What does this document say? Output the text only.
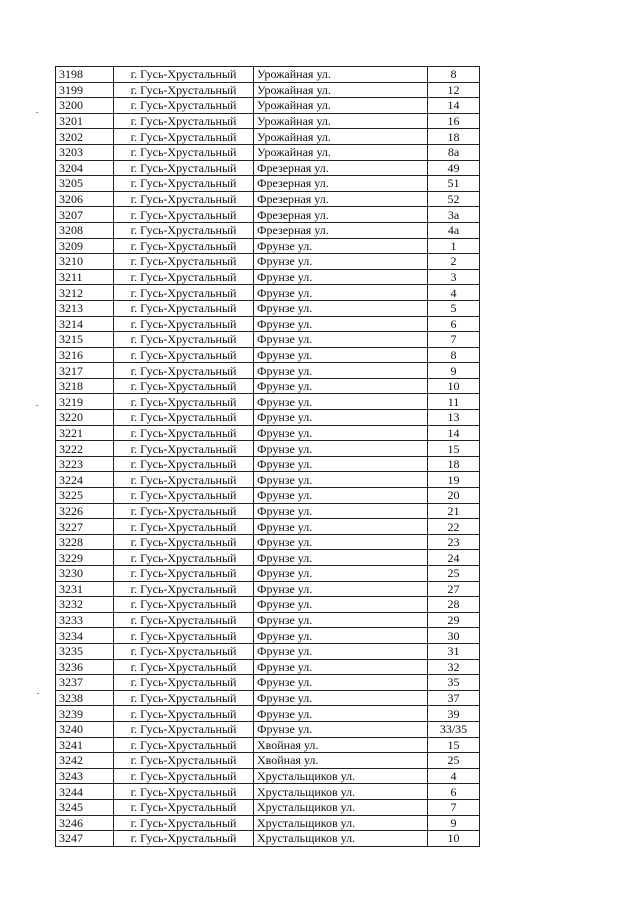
3198	г. Гусь-Хрустальный	Урожайная ул.	8
3199	г. Гусь-Хрустальный	Урожайная ул.	12
3200	г. Гусь-Хрустальный	Урожайная ул.	14
3201	г. Гусь-Хрустальный	Урожайная ул.	16
3202	г. Гусь-Хрустальный	Урожайная ул.	18
3203	г. Гусь-Хрустальный	Урожайная ул.	8а
3204	г. Гусь-Хрустальный	Фрезерная ул.	49
3205	г. Гусь-Хрустальный	Фрезерная ул.	51
3206	г. Гусь-Хрустальный	Фрезерная ул.	52
3207	г. Гусь-Хрустальный	Фрезерная ул.	3а
3208	г. Гусь-Хрустальный	Фрезерная ул.	4а
3209	г. Гусь-Хрустальный	Фрунзе ул.	1
3210	г. Гусь-Хрустальный	Фрунзе ул.	2
3211	г. Гусь-Хрустальный	Фрунзе ул.	3
3212	г. Гусь-Хрустальный	Фрунзе ул.	4
3213	г. Гусь-Хрустальный	Фрунзе ул.	5
3214	г. Гусь-Хрустальный	Фрунзе ул.	6
3215	г. Гусь-Хрустальный	Фрунзе ул.	7
3216	г. Гусь-Хрустальный	Фрунзе ул.	8
3217	г. Гусь-Хрустальный	Фрунзе ул.	9
3218	г. Гусь-Хрустальный	Фрунзе ул.	10
3219	г. Гусь-Хрустальный	Фрунзе ул.	11
3220	г. Гусь-Хрустальный	Фрунзе ул.	13
3221	г. Гусь-Хрустальный	Фрунзе ул.	14
3222	г. Гусь-Хрустальный	Фрунзе ул.	15
3223	г. Гусь-Хрустальный	Фрунзе ул.	18
3224	г. Гусь-Хрустальный	Фрунзе ул.	19
3225	г. Гусь-Хрустальный	Фрунзе ул.	20
3226	г. Гусь-Хрустальный	Фрунзе ул.	21
3227	г. Гусь-Хрустальный	Фрунзе ул.	22
3228	г. Гусь-Хрустальный	Фрунзе ул.	23
3229	г. Гусь-Хрустальный	Фрунзе ул.	24
3230	г. Гусь-Хрустальный	Фрунзе ул.	25
3231	г. Гусь-Хрустальный	Фрунзе ул.	27
3232	г. Гусь-Хрустальный	Фрунзе ул.	28
3233	г. Гусь-Хрустальный	Фрунзе ул.	29
3234	г. Гусь-Хрустальный	Фрунзе ул.	30
3235	г. Гусь-Хрустальный	Фрунзе ул.	31
3236	г. Гусь-Хрустальный	Фрунзе ул.	32
3237	г. Гусь-Хрустальный	Фрунзе ул.	35
3238	г. Гусь-Хрустальный	Фрунзе ул.	37
3239	г. Гусь-Хрустальный	Фрунзе ул.	39
3240	г. Гусь-Хрустальный	Фрунзе ул.	33/35
3241	г. Гусь-Хрустальный	Хвойная ул.	15
3242	г. Гусь-Хрустальный	Хвойная ул.	25
3243	г. Гусь-Хрустальный	Хрустальщиков ул.	4
3244	г. Гусь-Хрустальный	Хрустальщиков ул.	6
3245	г. Гусь-Хрустальный	Хрустальщиков ул.	7
3246	г. Гусь-Хрустальный	Хрустальщиков ул.	9
3247	г. Гусь-Хрустальный	Хрустальщиков ул.	10
